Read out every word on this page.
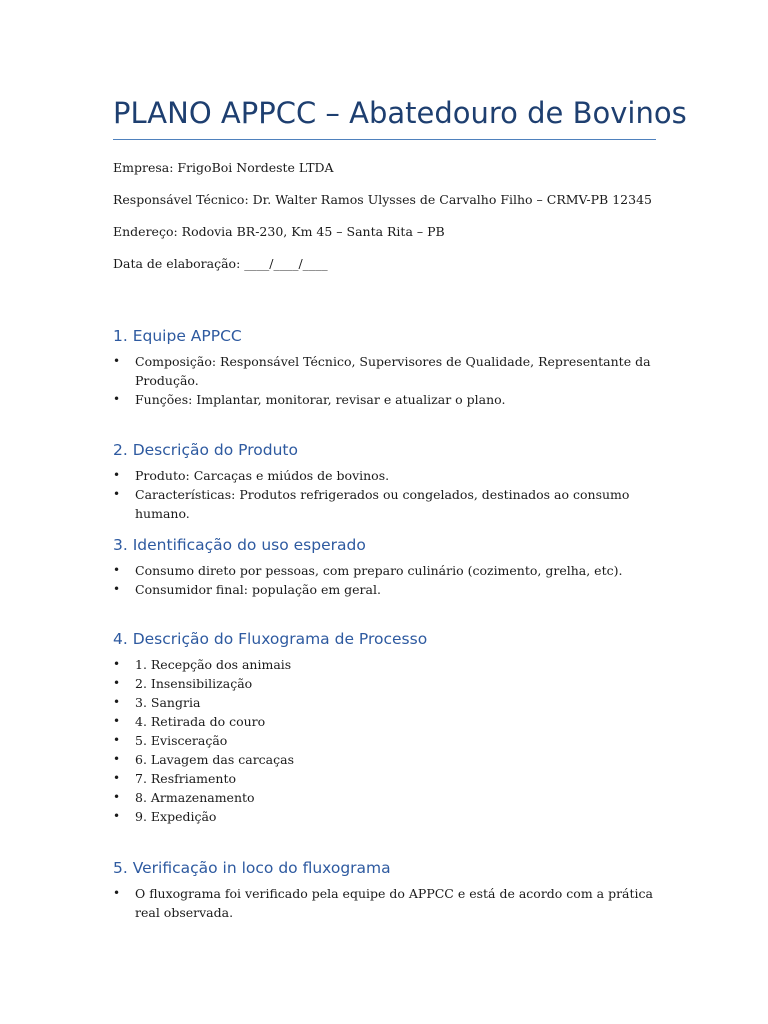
PLANO APPCC – Abatedouro de Bovinos

Empresa: FrigoBoi Nordeste LTDA

Responsável Técnico: Dr. Walter Ramos Ulysses de Carvalho Filho – CRMV-PB 12345

Endereço: Rodovia BR-230, Km 45 – Santa Rita – PB

Data de elaboração: ____/____/____

1. Equipe APPCC
• Composição: Responsável Técnico, Supervisores de Qualidade, Representante da Produção.
• Funções: Implantar, monitorar, revisar e atualizar o plano.
2. Descrição do Produto
• Produto: Carcaças e miúdos de bovinos.
• Características: Produtos refrigerados ou congelados, destinados ao consumo humano.
3. Identificação do uso esperado
• Consumo direto por pessoas, com preparo culinário (cozimento, grelha, etc).
• Consumidor final: população em geral.
4. Descrição do Fluxograma de Processo
• 1. Recepção dos animais
• 2. Insensibilização
• 3. Sangria
• 4. Retirada do couro
• 5. Evisceração
• 6. Lavagem das carcaças
• 7. Resfriamento
• 8. Armazenamento
• 9. Expedição
5. Verificação in loco do fluxograma
• O fluxograma foi verificado pela equipe do APPCC e está de acordo com a prática real observada.
